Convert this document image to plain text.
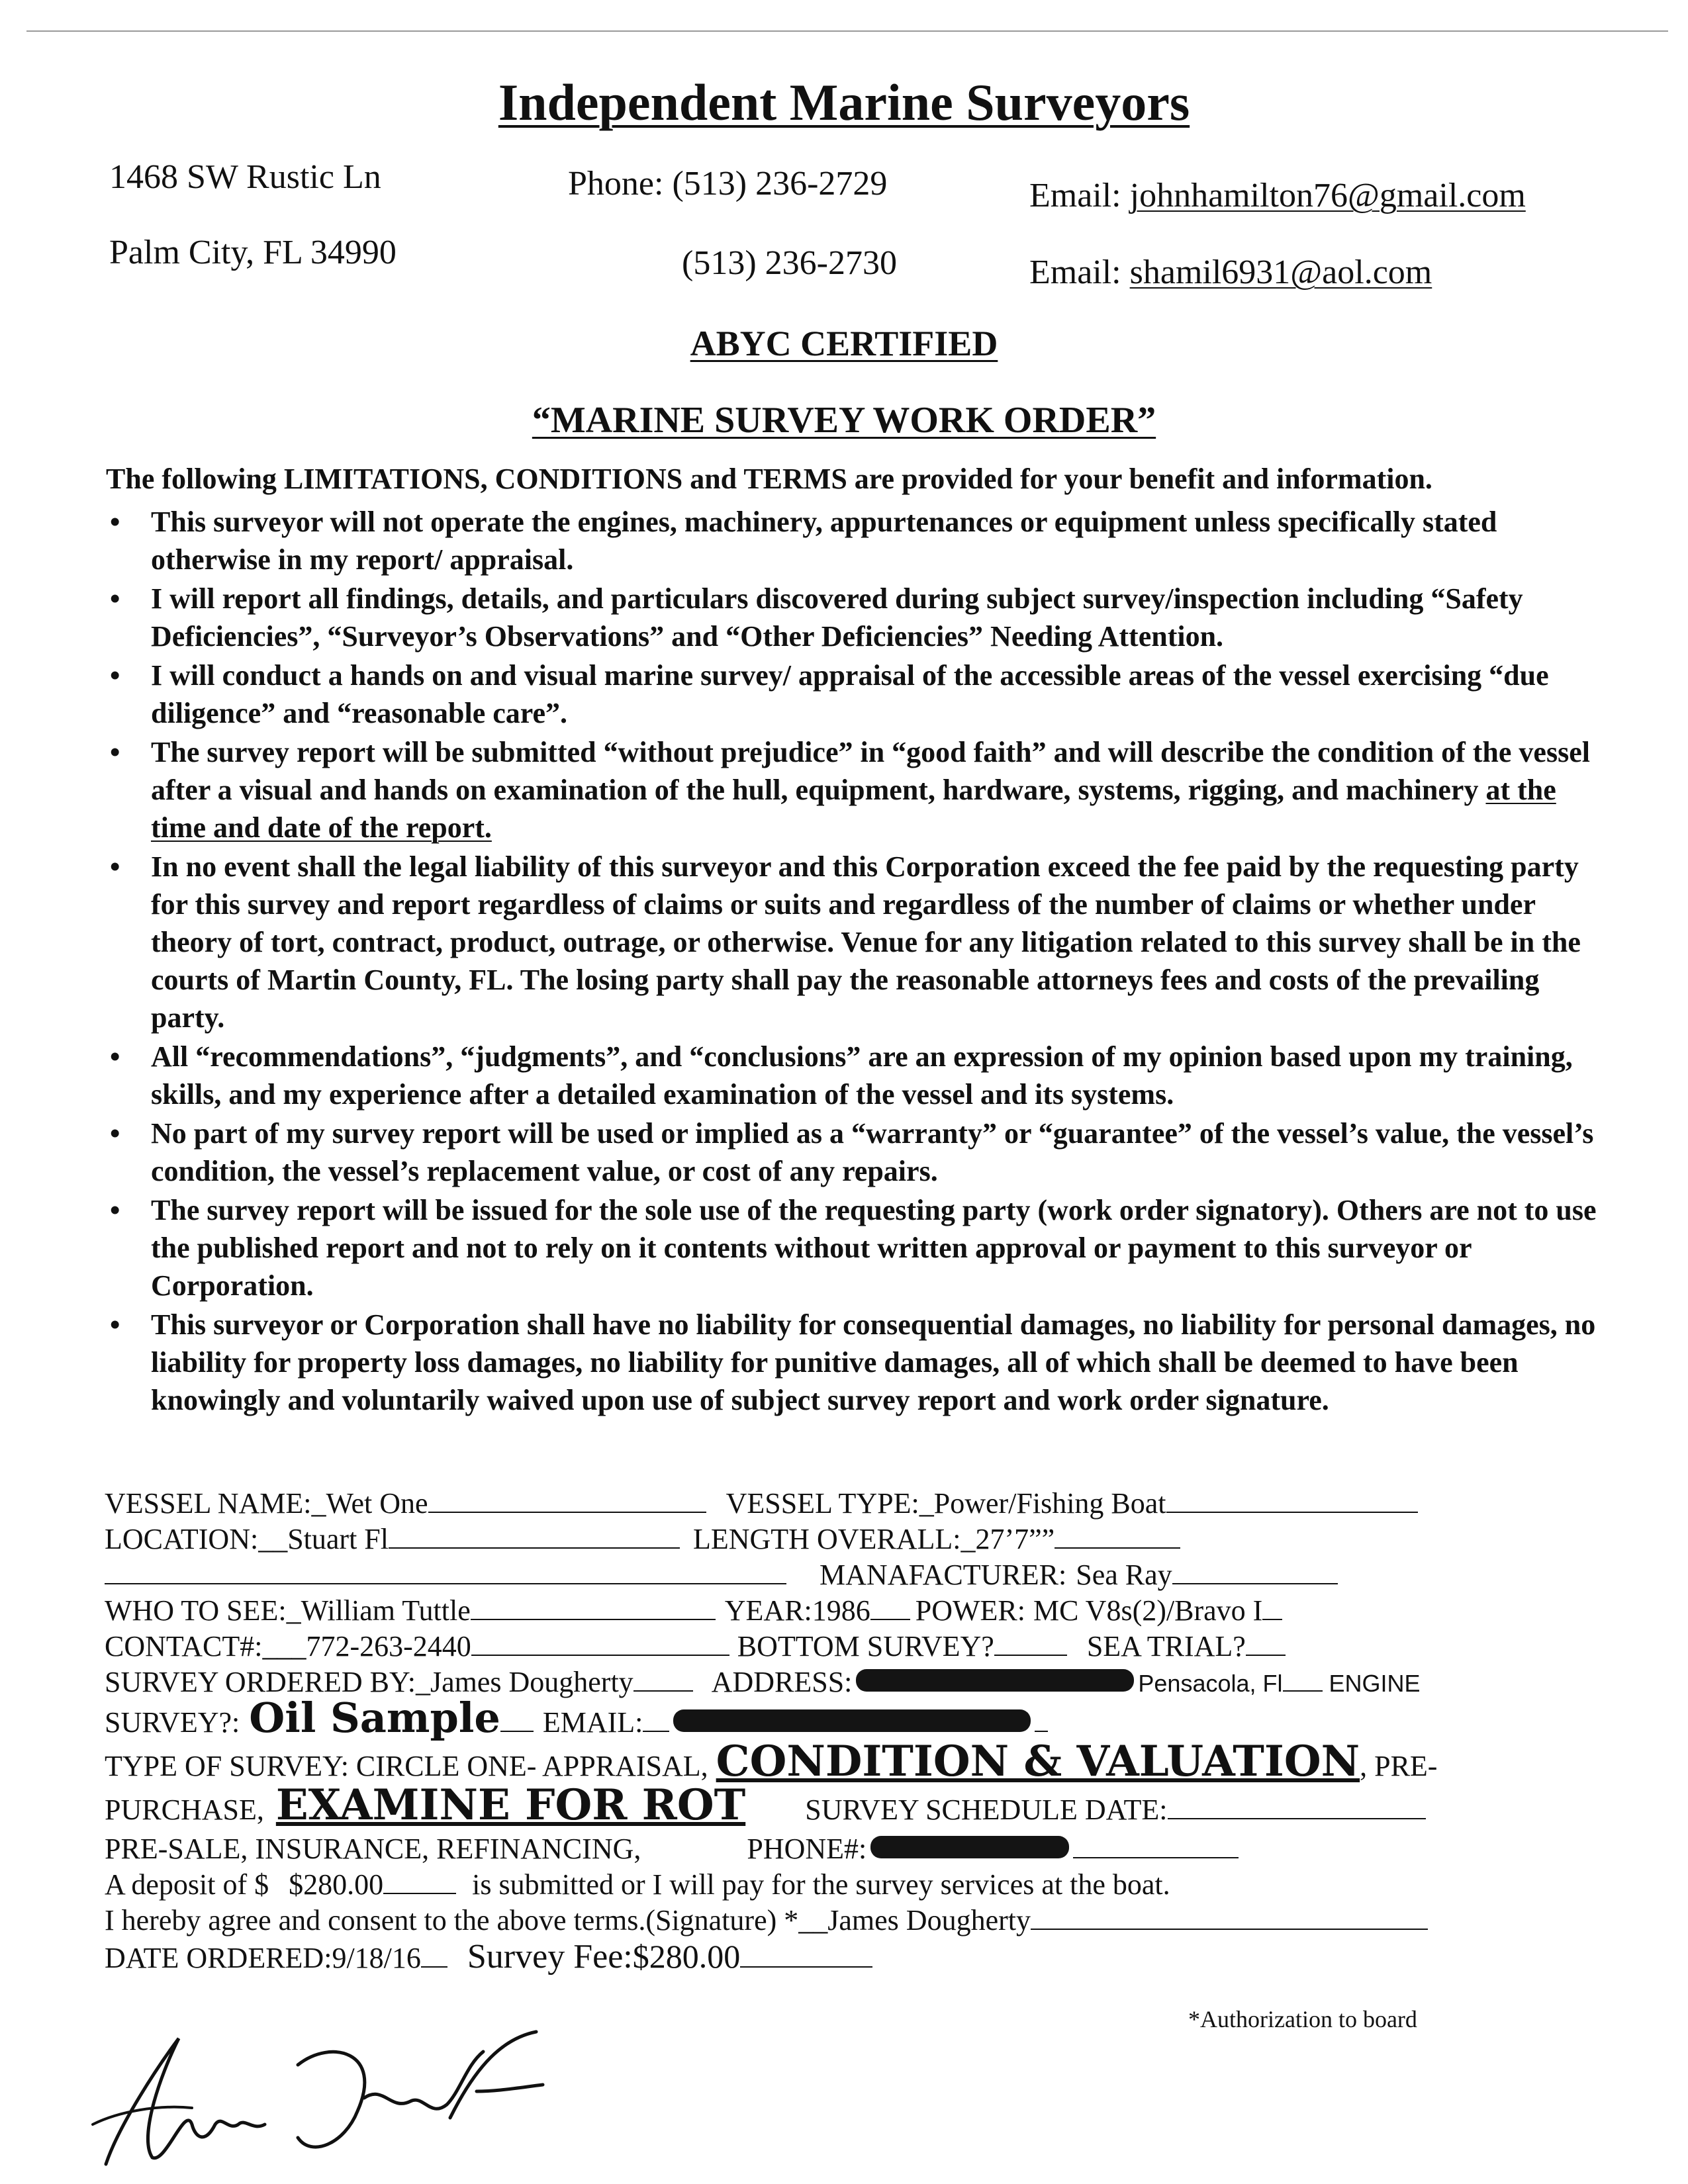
Independent Marine Surveyors
1468 SW Rustic Ln
Palm City, FL 34990
Phone: (513) 236-2729
(513) 236-2730
Email: johnhamilton76@gmail.com
Email: shamil6931@aol.com
ABYC CERTIFIED
“MARINE SURVEY WORK ORDER”
The following LIMITATIONS, CONDITIONS and TERMS are provided for your benefit and information.
• This surveyor will not operate the engines, machinery, appurtenances or equipment unless specifically stated otherwise in my report/ appraisal.
• I will report all findings, details, and particulars discovered during subject survey/inspection including “Safety Deficiencies”, “Surveyor’s Observations” and “Other Deficiencies” Needing Attention.
• I will conduct a hands on and visual marine survey/ appraisal of the accessible areas of the vessel exercising “due diligence” and “reasonable care”.
• The survey report will be submitted “without prejudice” in “good faith” and will describe the condition of the vessel after a visual and hands on examination of the hull, equipment, hardware, systems, rigging, and machinery at the time and date of the report.
• In no event shall the legal liability of this surveyor and this Corporation exceed the fee paid by the requesting party for this survey and report regardless of claims or suits and regardless of the number of claims or whether under theory of tort, contract, product, outrage, or otherwise. Venue for any litigation related to this survey shall be in the courts of Martin County, FL. The losing party shall pay the reasonable attorneys fees and costs of the prevailing party.
• All “recommendations”, “judgments”, and “conclusions” are an expression of my opinion based upon my training, skills, and my experience after a detailed examination of the vessel and its systems.
• No part of my survey report will be used or implied as a “warranty” or “guarantee” of the vessel’s value, the vessel’s condition, the vessel’s replacement value, or cost of any repairs.
• The survey report will be issued for the sole use of the requesting party (work order signatory). Others are not to use the published report and not to rely on it contents without written approval or payment to this surveyor or Corporation.
• This surveyor or Corporation shall have no liability for consequential damages, no liability for personal damages, no liability for property loss damages, no liability for punitive damages, all of which shall be deemed to have been knowingly and voluntarily waived upon use of subject survey report and work order signature.
VESSEL NAME:_ Wet One	VESSEL TYPE:_ Power/Fishing Boat
LOCATION:__ Stuart Fl	LENGTH OVERALL:_ 27’7””
MANAFACTURER: Sea Ray
WHO TO SEE:_ William Tuttle	YEAR: 1986 POWER: MC V8s(2)/Bravo I
CONTACT#:___ 772-263-2440	BOTTOM SURVEY?	SEA TRIAL?
SURVEY ORDERED BY:_ James Dougherty	ADDRESS:	Pensacola, Fl ENGINE
SURVEY?: Oil Sample EMAIL:
TYPE OF SURVEY: CIRCLE ONE- APPRAISAL, CONDITION & VALUATION , PRE-
PURCHASE, EXAMINE FOR ROT SURVEY SCHEDULE DATE:
PRE-SALE, INSURANCE, REFINANCING,	PHONE#:
A deposit of $ $280.00	is submitted or I will pay for the survey services at the boat.
I hereby agree and consent to the above terms.(Signature) *__ James Dougherty
DATE ORDERED: 9/18/16 Survey Fee: $280.00
*Authorization to board
